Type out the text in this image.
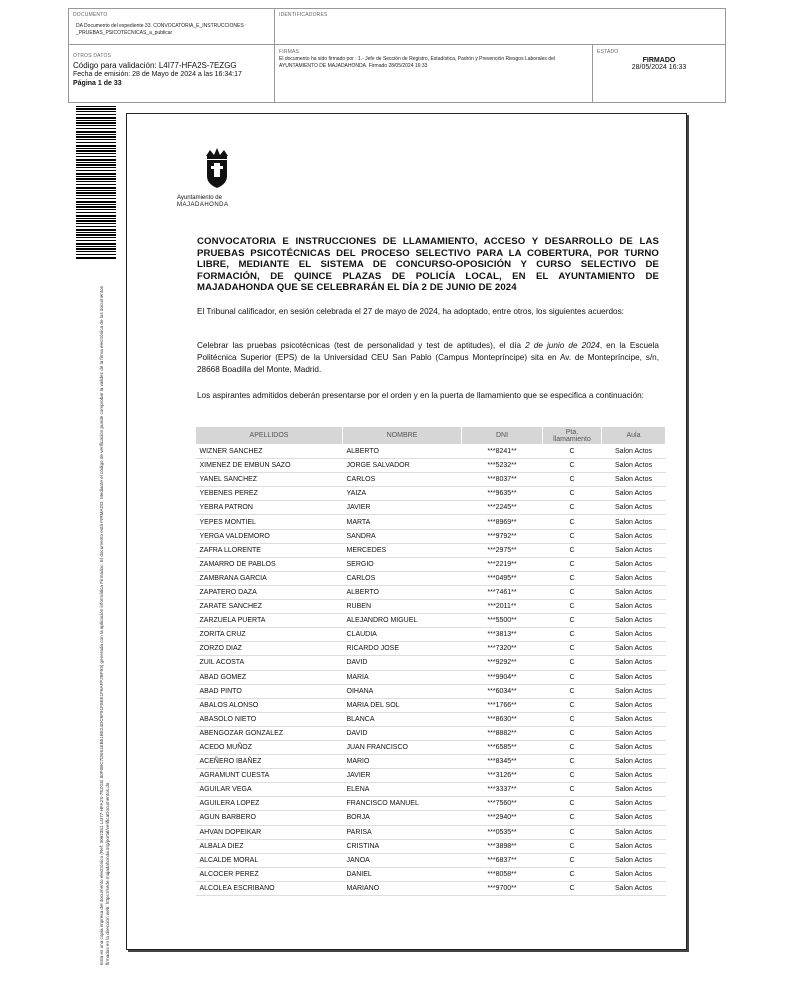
DOCUMENTO
DA Documento del expediente 33. CONVOCATORIA_E_INSTRUCCIONES _PRUEBAS_PSICOTÉCNICAS_a_publicar
IDENTIFICADORES
OTROS DATOS
Código para validación: L4I77-HFA2S-7EZGG
Fecha de emisión: 28 de Mayo de 2024 a las 16:34:17
Página 1 de 33
FIRMAS
El documento ha sido firmado por : 1.- Jefe de Sección de Registro, Estadística, Padrón y Prevención Riesgos Laborales del AYUNTAMIENTO DE MAJADAHONDA. Firmado 28/05/2024 16:33
ESTADO
FIRMADO
28/05/2024 16:33
Esta es una copia impresa del documento electrónico (Ref: 3062351 L4I77-HFA2S-7EZGG 80F0BC7DE61EB51BE24DC6F91F5EE1F6AFF2BF59) generada con la aplicación informática Firmadoc. El documento está FIRMADO. Mediante el código de verificación puede comprobar la validez de la firma electrónica de los documentos firmados en la dirección web: https://sede.majadahonda.org/portal/verificaDocumentos.do
Ayuntamiento de
MAJADAHONDA
CONVOCATORIA E INSTRUCCIONES DE LLAMAMIENTO, ACCESO Y DESARROLLO DE LAS PRUEBAS PSICOTÉCNICAS DEL PROCESO SELECTIVO PARA LA COBERTURA, POR TURNO LIBRE, MEDIANTE EL SISTEMA DE CONCURSO-OPOSICIÓN Y CURSO SELECTIVO DE FORMACIÓN, DE QUINCE PLAZAS DE POLICÍA LOCAL, EN EL AYUNTAMIENTO DE MAJADAHONDA QUE SE CELEBRARÁN EL DÍA 2 DE JUNIO DE 2024
El Tribunal calificador, en sesión celebrada el 27 de mayo de 2024, ha adoptado, entre otros, los siguientes acuerdos:
Celebrar las pruebas psicotécnicas (test de personalidad y test de aptitudes), el día 2 de junio de 2024, en la Escuela Politécnica Superior (EPS) de la Universidad CEU San Pablo (Campus Montepríncipe) sita en Av. de Montepríncipe, s/n, 28668 Boadilla del Monte, Madrid.
Los aspirantes admitidos deberán presentarse por el orden y en la puerta de llamamiento que se especifica a continuación:
APELLIDOS	NOMBRE	DNI	Pta. llamamiento	Aula
WIZNER SANCHEZ	ALBERTO	***8241**	C	Salon Actos
XIMENEZ DE EMBUN SAZO	JORGE SALVADOR	***5232**	C	Salon Actos
YANEL SANCHEZ	CARLOS	***8037**	C	Salon Actos
YEBENES PEREZ	YAIZA	***9635**	C	Salon Actos
YEBRA PATRON	JAVIER	***2245**	C	Salon Actos
YEPES MONTIEL	MARTA	***8969**	C	Salon Actos
YERGA VALDEMORO	SANDRA	***9792**	C	Salon Actos
ZAFRA LLORENTE	MERCEDES	***2975**	C	Salon Actos
ZAMARRO DE PABLOS	SERGIO	***2219**	C	Salon Actos
ZAMBRANA GARCIA	CARLOS	***0495**	C	Salon Actos
ZAPATERO DAZA	ALBERTO	***7461**	C	Salon Actos
ZARATE SANCHEZ	RUBEN	***2011**	C	Salon Actos
ZARZUELA PUERTA	ALEJANDRO MIGUEL	***5500**	C	Salon Actos
ZORITA CRUZ	CLAUDIA	***3813**	C	Salon Actos
ZORZO DIAZ	RICARDO JOSE	***7320**	C	Salon Actos
ZUIL ACOSTA	DAVID	***9292**	C	Salon Actos
ABAD GOMEZ	MARIA	***9904**	C	Salon Actos
ABAD PINTO	OIHANA	***6034**	C	Salon Actos
ABALOS ALONSO	MARIA DEL SOL	***1766**	C	Salon Actos
ABASOLO NIETO	BLANCA	***8630**	C	Salon Actos
ABENGOZAR GONZALEZ	DAVID	***8882**	C	Salon Actos
ACEDO MUÑOZ	JUAN FRANCISCO	***6585**	C	Salon Actos
ACEÑERO IBAÑEZ	MARIO	***8345**	C	Salon Actos
AGRAMUNT CUESTA	JAVIER	***3126**	C	Salon Actos
AGUILAR VEGA	ELENA	***3337**	C	Salon Actos
AGUILERA LOPEZ	FRANCISCO MANUEL	***7560**	C	Salon Actos
AGUN BARBERO	BORJA	***2940**	C	Salon Actos
AHVAN DOPEIKAR	PARISA	***0535**	C	Salon Actos
ALBALA DIEZ	CRISTINA	***3898**	C	Salon Actos
ALCALDE MORAL	JANOA	***6837**	C	Salon Actos
ALCOCER PEREZ	DANIEL	***8058**	C	Salon Actos
ALCOLEA ESCRIBANO	MARIANO	***9700**	C	Salon Actos
